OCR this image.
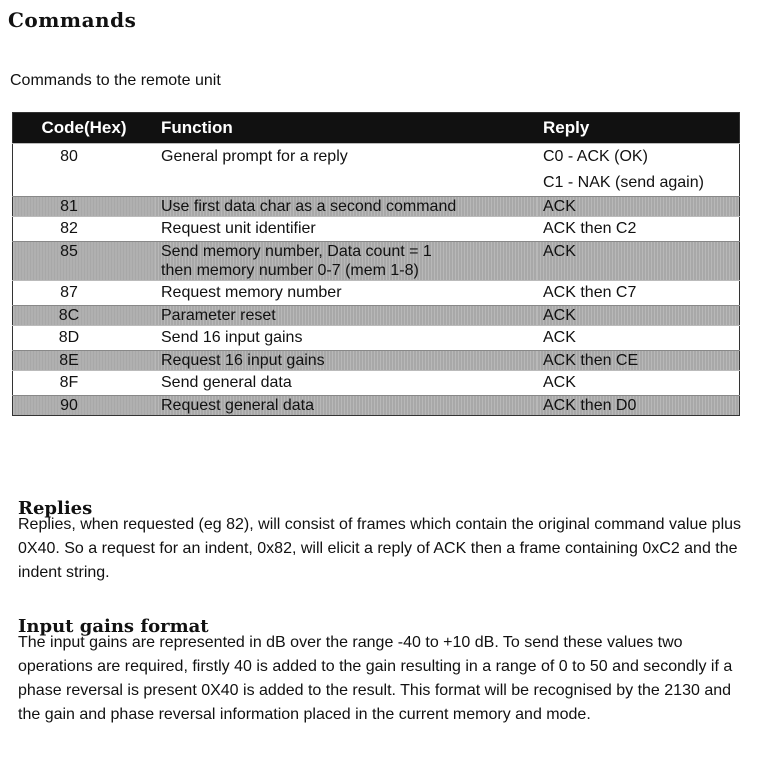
Commands
Commands to the remote unit
Code(Hex)	Function	Reply
80	General prompt for a reply	C0 - ACK (OK)
C1 - NAK (send again)

81	Use first data char as a second command	ACK

82	Request unit identifier	ACK then C2

85	Send memory number, Data count = 1
then memory number 0-7 (mem 1-8)	ACK

87	Request memory number	ACK then C7

8C	Parameter reset	ACK

8D	Send 16 input gains	ACK

8E	Request 16 input gains	ACK then CE

8F	Send general data	ACK

90	Request general data	ACK then D0
Replies
Replies, when requested (eg 82), will consist of frames which contain the original command value plus 0X40. So a request for an indent, 0x82, will elicit a reply of ACK then a frame containing 0xC2 and the indent string.
Input gains format
The input gains are represented in dB over the range -40 to +10 dB. To send these values two operations are required, firstly 40 is added to the gain resulting in a range of 0 to 50 and secondly if a phase reversal is present 0X40 is added to the result. This format will be recognised by the 2130 and the gain and phase reversal information placed in the current memory and mode.
